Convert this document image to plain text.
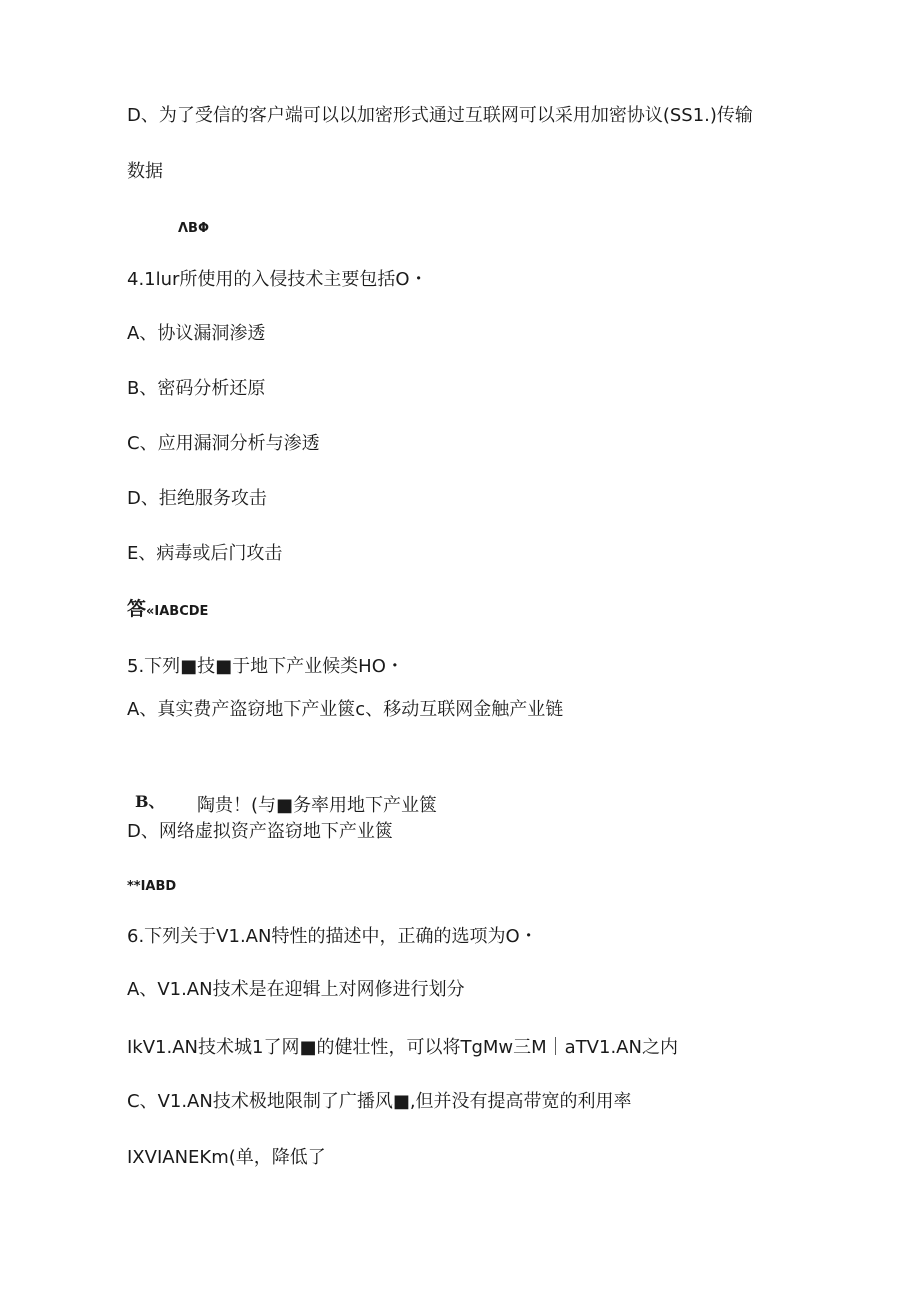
D、为了受信的客户端可以以加密形式通过互联网可以采用加密协议(SS1.)传输
数据
ΛBΦ
4.1lur所使用的入侵技术主要包括O・
A、协议漏洞渗透
B、密码分析还原
C、应用漏洞分析与渗透
D、拒绝服务攻击
E、病毒或后门攻击
答«IABCDE
5.下列■技■于地下产业候类HO・
A、真实费产盗窃地下产业篋c、移动互联网金触产业链
B、 陶贵！(与■务率用地下产业篋
D、网络虚拟资产盗窃地下产业篋
**IABD
6.下列关于V1.AN特性的描述中，正确的选项为O・
A、V1.AN技术是在迎辑上对网修进行划分
IkV1.AN技术城1了网■的健壮性，可以将TgMw三M｜aTV1.AN之内
C、V1.AN技术极地限制了广播风■,但并没有提高带宽的利用率
IXVIANEKm(单，降低了
